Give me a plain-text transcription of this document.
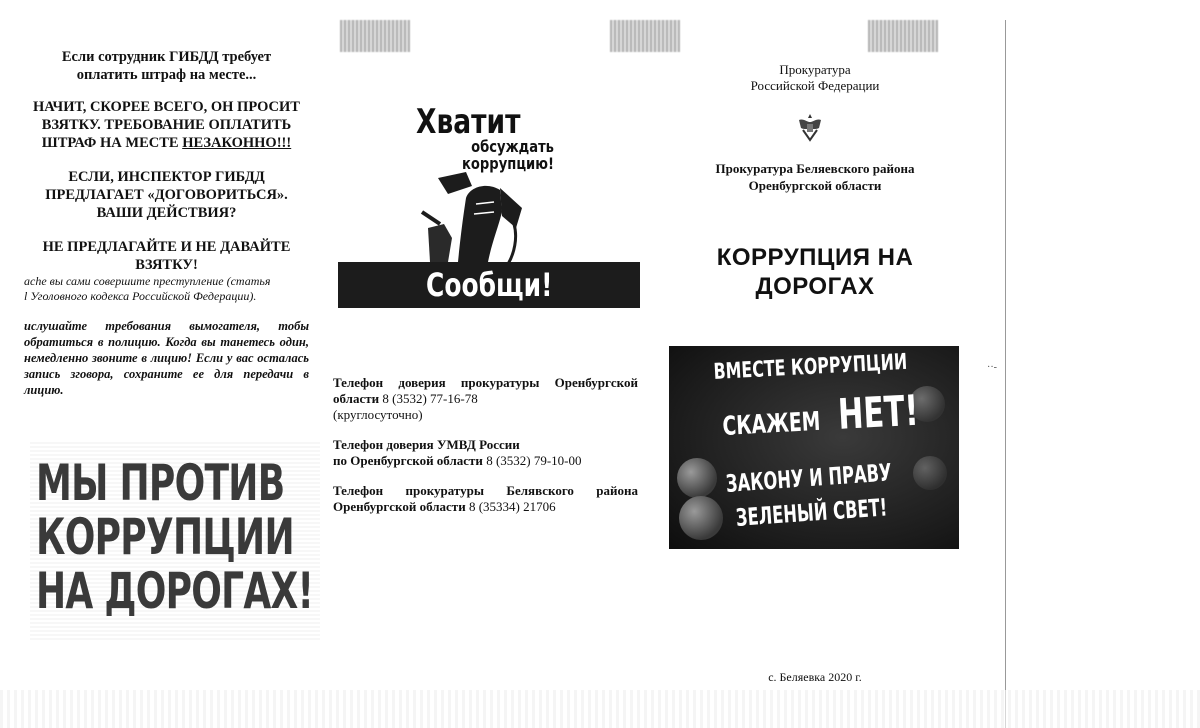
Если сотрудник ГИБДД требует

оплатить штраф на месте...

НАЧИТ, СКОРЕЕ ВСЕГО, ОН ПРОСИТ

ВЗЯТКУ. ТРЕБОВАНИЕ ОПЛАТИТЬ

ШТРАФ НА МЕСТЕ НЕЗАКОННО!!!

ЕСЛИ, ИНСПЕКТОР ГИБДД

ПРЕДЛАГАЕТ «ДОГОВОРИТЬСЯ».

ВАШИ ДЕЙСТВИЯ?

НЕ ПРЕДЛАГАЙТЕ И НЕ ДАВАЙТЕ

ВЗЯТКУ!

ache вы сами совершите преступление (статья

l Уголовного кодекса Российской Федерации).

ислушайте требования вымогателя, тобы обратиться в полицию. Когда вы танетесь один, немедленно звоните в лицию! Если у вас осталась запись зговора, сохраните ее для передачи в лицию.

МЫ ПРОТИВ
КОРРУПЦИИ
НА ДОРОГАХ!
Хватит
обсуждать
коррупцию!
Сообщи!

Телефон доверия прокуратуры Оренбургской области 8 (3532) 77-16-78

(круглосуточно)

Телефон доверия УМВД России

по Оренбургской области 8 (3532) 79-10-00

Телефон прокуратуры Белявского района Оренбургской области 8 (35334) 21706

Прокуратура
Российской Федерации
Прокуратура Беляевского района
Оренбургской области
КОРРУПЦИЯ НА
ДОРОГАХ
ВМЕСТЕ КОРРУПЦИИ
СКАЖЕМ НЕТ!
ЗАКОНУ И ПРАВУ
ЗЕЛЕНЫЙ СВЕТ!
··-
с. Беляевка 2020 г.
